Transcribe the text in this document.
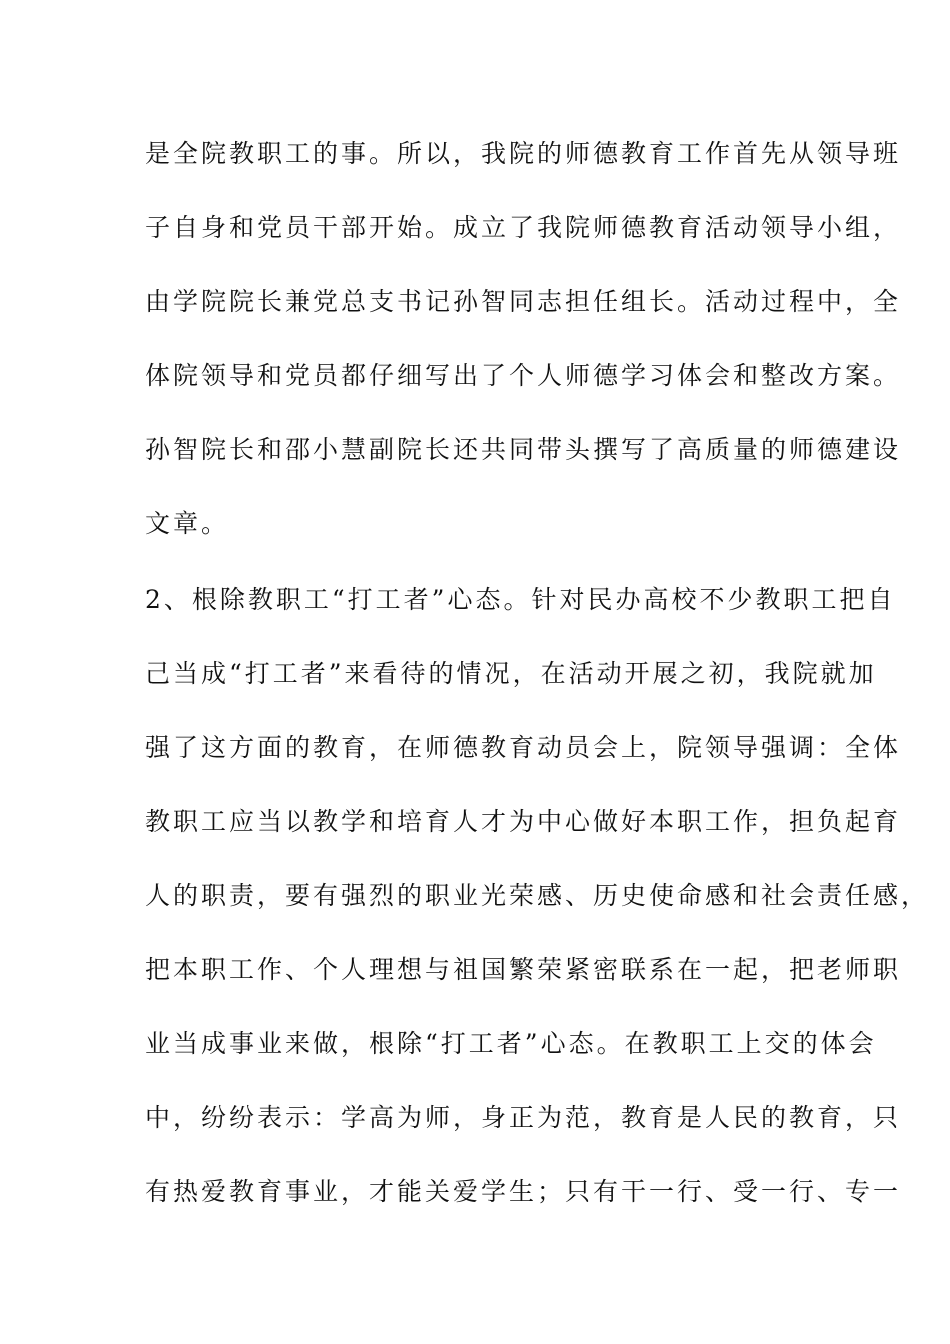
是全院教职工的事。所以，我院的师德教育工作首先从领导班
子自身和党员干部开始。成立了我院师德教育活动领导小组，
由学院院长兼党总支书记孙智同志担任组长。活动过程中，全
体院领导和党员都仔细写出了个人师德学习体会和整改方案。
孙智院长和邵小慧副院长还共同带头撰写了高质量的师德建设
文章。
2、根除教职工“打工者”心态。针对民办高校不少教职工把自
己当成“打工者”来看待的情况，在活动开展之初，我院就加
强了这方面的教育，在师德教育动员会上，院领导强调：全体
教职工应当以教学和培育人才为中心做好本职工作，担负起育
人的职责，要有强烈的职业光荣感、历史使命感和社会责任感，
把本职工作、个人理想与祖国繁荣紧密联系在一起，把老师职
业当成事业来做，根除“打工者”心态。在教职工上交的体会
中，纷纷表示：学高为师，身正为范，教育是人民的教育，只
有热爱教育事业，才能关爱学生；只有干一行、受一行、专一
